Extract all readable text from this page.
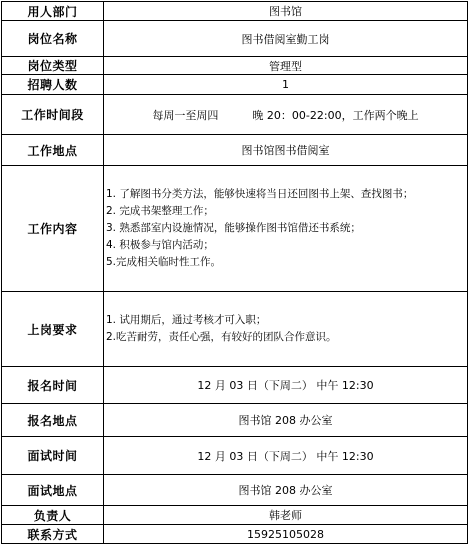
用人部门	图书馆
岗位名称	图书借阅室勤工岗
岗位类型	管理型
招聘人数	1
工作时间段	每周一至周四 晚 20：00-22:00，工作两个晚上
工作地点	图书馆图书借阅室
工作内容	1. 了解图书分类方法，能够快速将当日还回图书上架、查找图书；
2. 完成书架整理工作；
3. 熟悉部室内设施情况，能够操作图书馆借还书系统；
4. 积极参与馆内活动；
5.完成相关临时性工作。

上岗要求	1. 试用期后，通过考核才可入职；
2.吃苦耐劳，责任心强，有较好的团队合作意识。

报名时间	12 月 03 日（下周二） 中午 12:30
报名地点	图书馆 208 办公室
面试时间	12 月 03 日（下周二） 中午 12:30
面试地点	图书馆 208 办公室
负责人	韩老师
联系方式	15925105028
